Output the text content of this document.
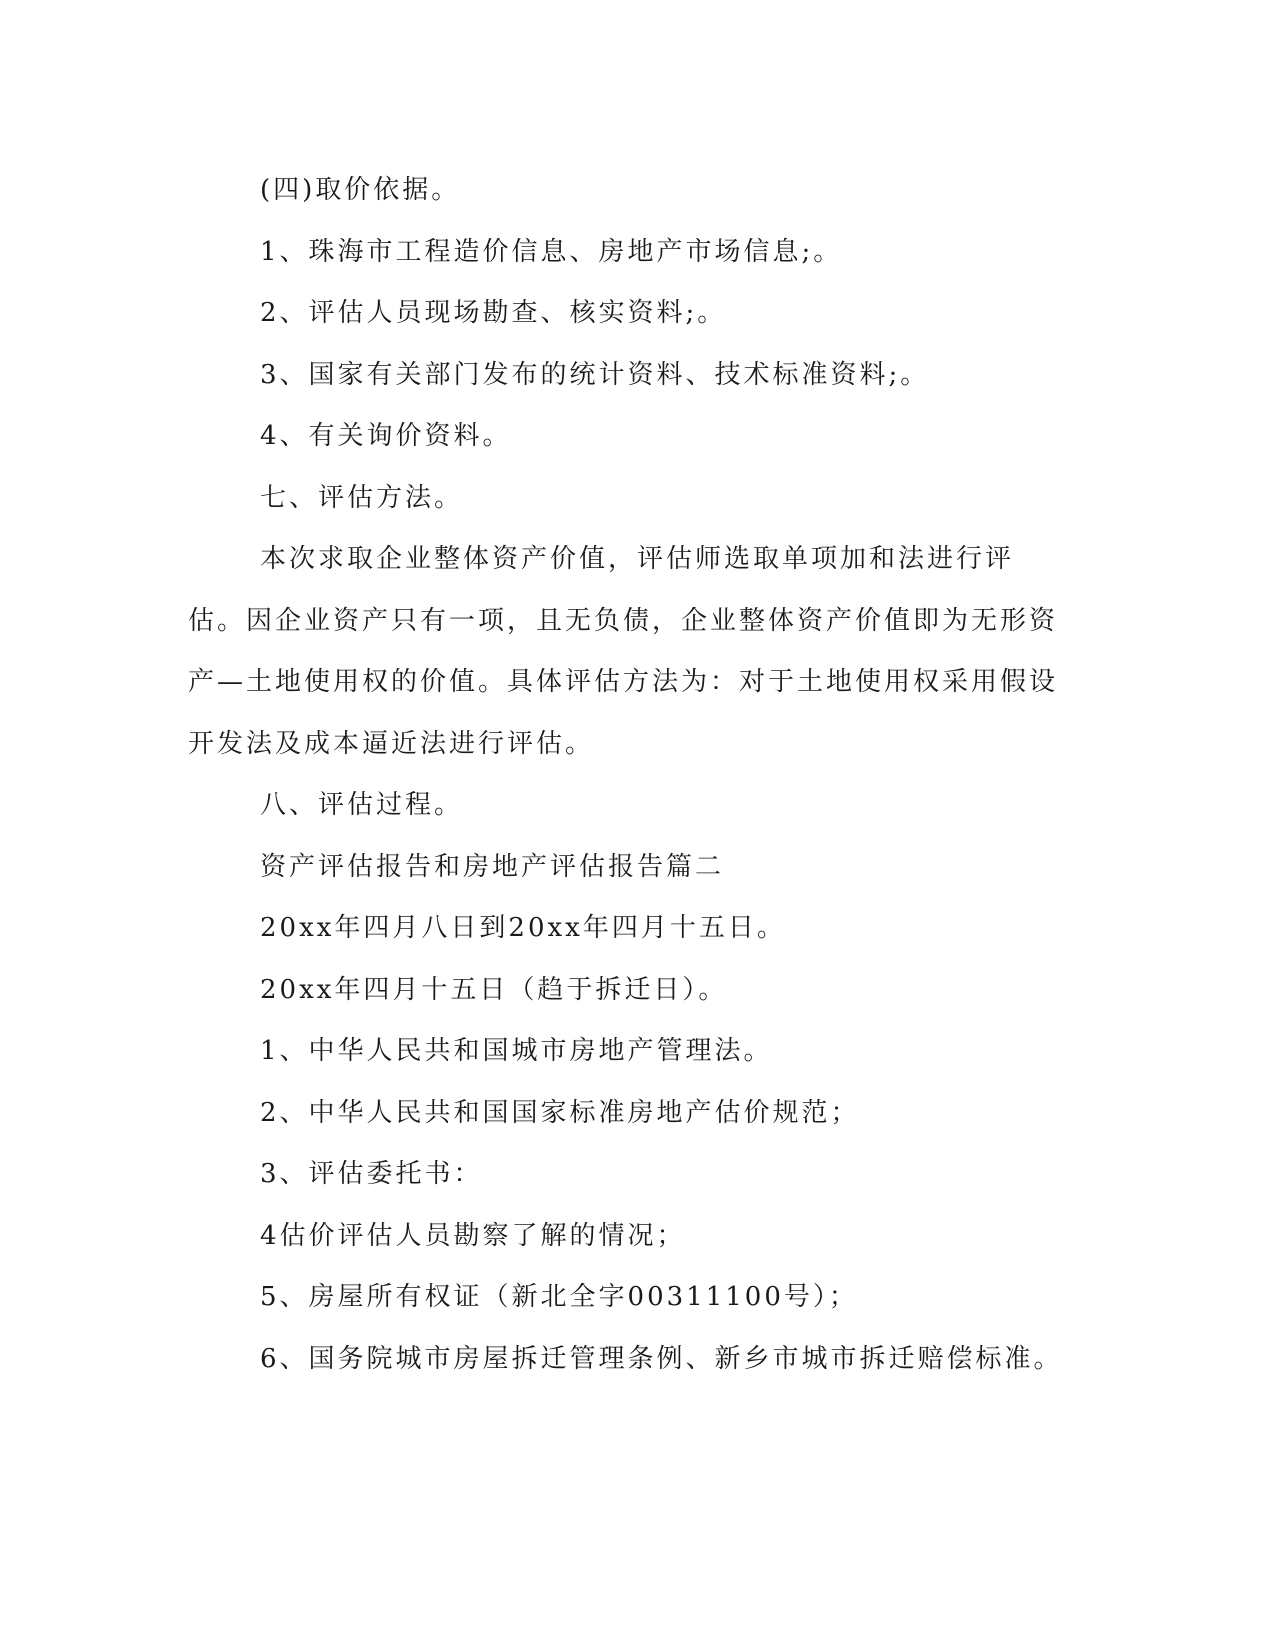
(四)取价依据。

1、珠海市工程造价信息、房地产市场信息;。

2、评估人员现场勘查、核实资料;。

3、国家有关部门发布的统计资料、技术标准资料;。

4、有关询价资料。

七、评估方法。

本次求取企业整体资产价值，评估师选取单项加和法进行评估。因企业资产只有一项，且无负债，企业整体资产价值即为无形资产—土地使用权的价值。具体评估方法为：对于土地使用权采用假设开发法及成本逼近法进行评估。

八、评估过程。

资产评估报告和房地产评估报告篇二

20xx年四月八日到20xx年四月十五日。

20xx年四月十五日（趋于拆迁日）。

1、中华人民共和国城市房地产管理法。

2、中华人民共和国国家标准房地产估价规范；

3、评估委托书：

4估价评估人员勘察了解的情况；

5、房屋所有权证（新北全字00311100号）；

6、国务院城市房屋拆迁管理条例、新乡市城市拆迁赔偿标准。
